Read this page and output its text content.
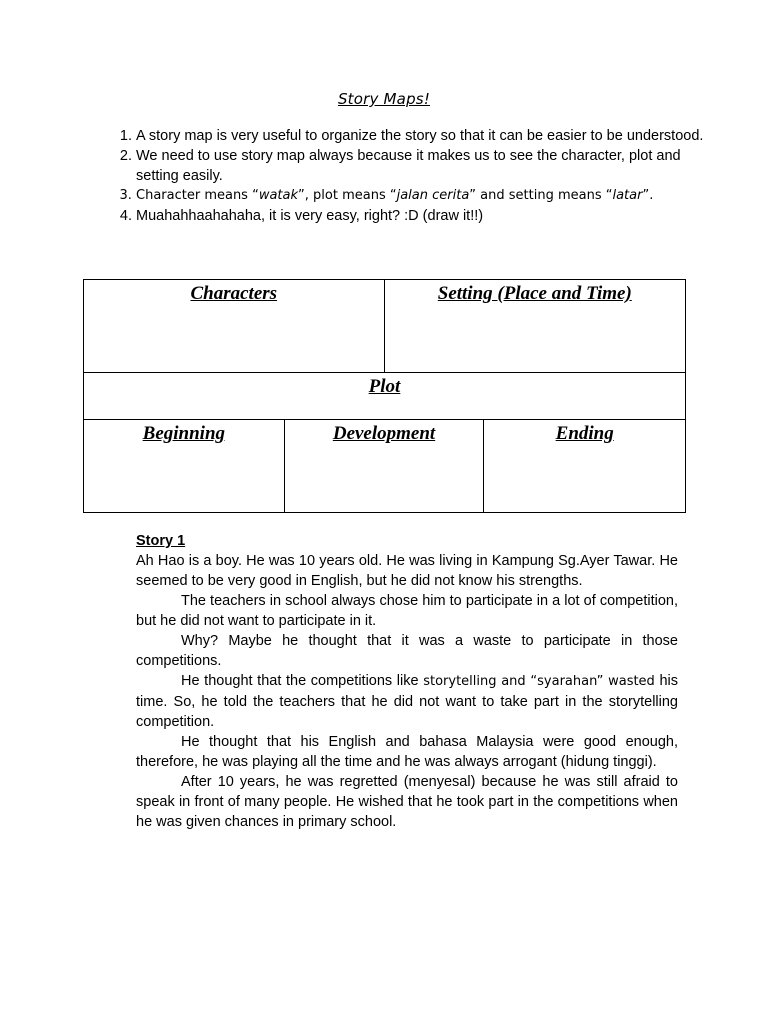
Story Maps!
1. A story map is very useful to organize the story so that it can be easier to be understood.
2. We need to use story map always because it makes us to see the character, plot and setting easily.
3. Character means “watak”, plot means “jalan cerita” and setting means “latar”.
4. Muahahhaahahaha, it is very easy, right? :D (draw it!!)
Characters		Setting (Place and Time)	
Plot			
Beginning	Development		Ending
Story 1

Ah Hao is a boy. He was 10 years old. He was living in Kampung Sg.Ayer Tawar. He seemed to be very good in English, but he did not know his strengths.

The teachers in school always chose him to participate in a lot of competition, but he did not want to participate in it.

Why? Maybe he thought that it was a waste to participate in those competitions.

He thought that the competitions like storytelling and “syarahan” wasted his time. So, he told the teachers that he did not want to take part in the storytelling competition.

He thought that his English and bahasa Malaysia were good enough, therefore, he was playing all the time and he was always arrogant (hidung tinggi).

After 10 years, he was regretted (menyesal) because he was still afraid to speak in front of many people. He wished that he took part in the competitions when he was given chances in primary school.
